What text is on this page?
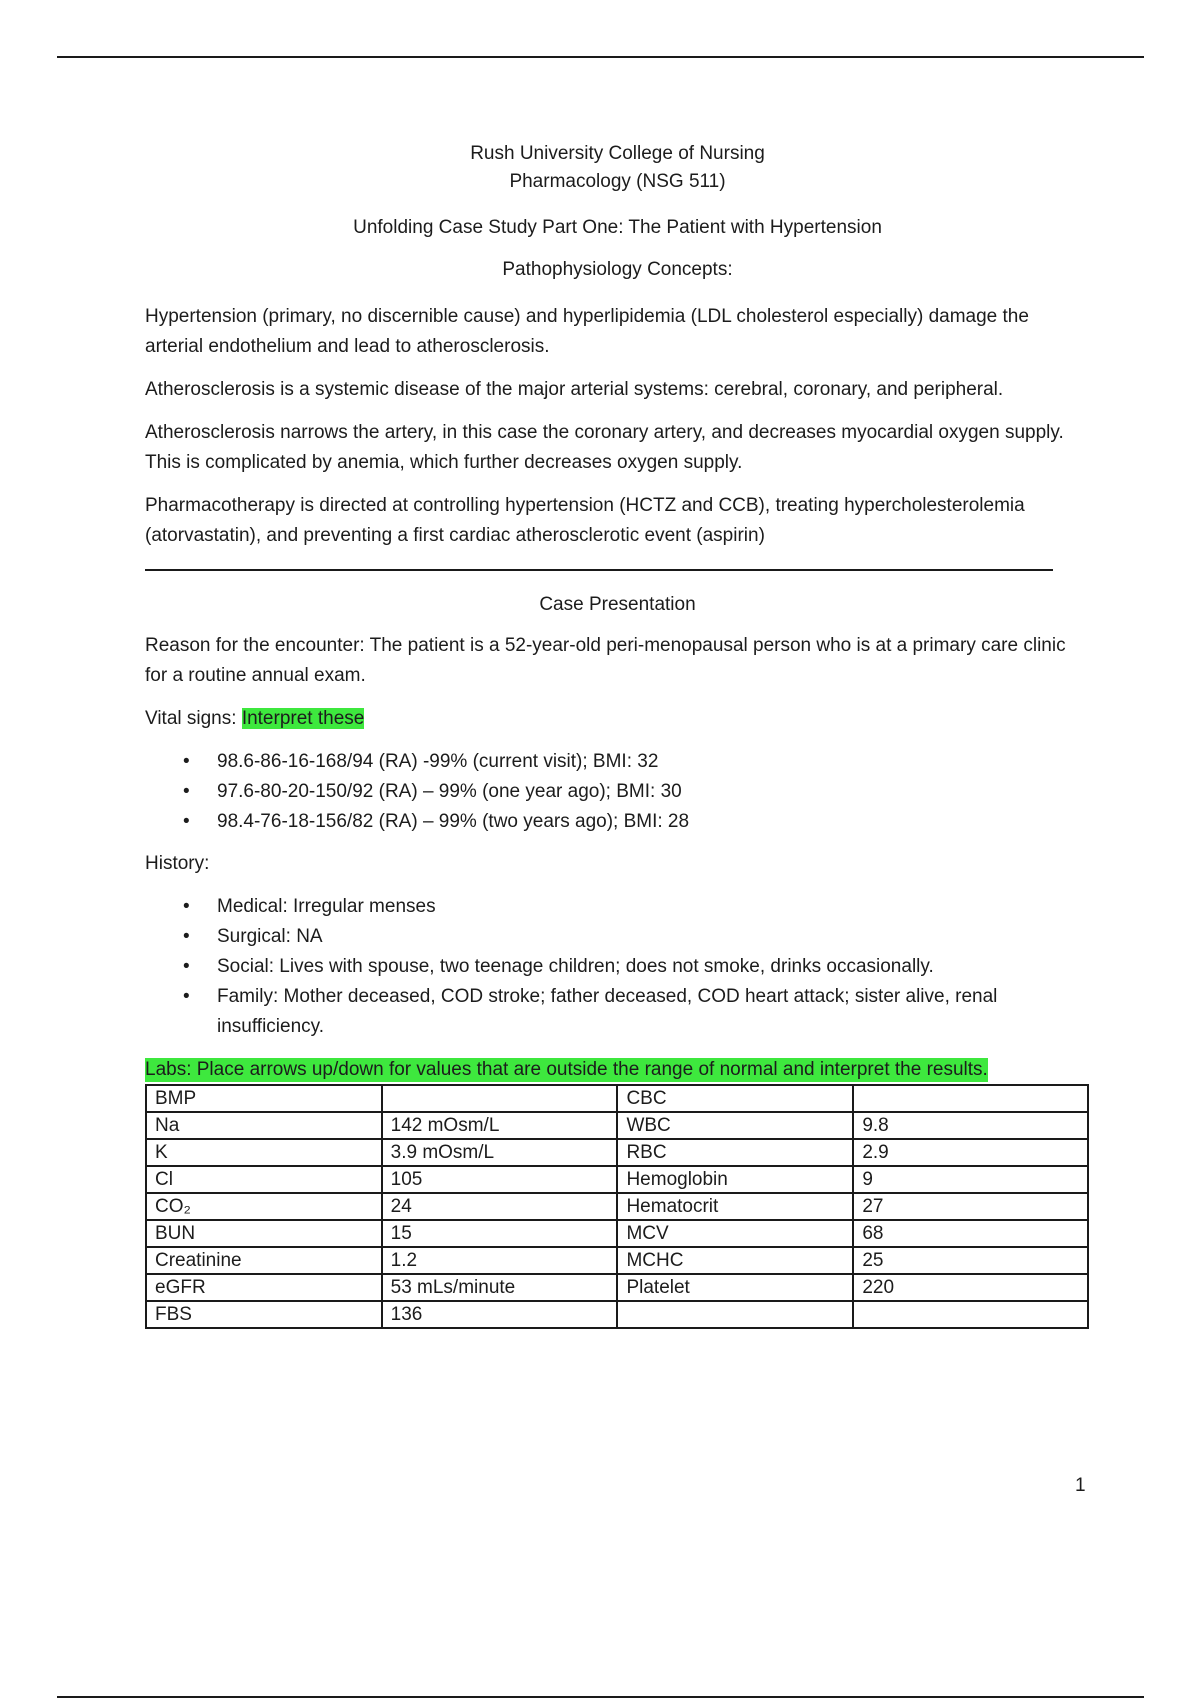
Rush University College of Nursing

Pharmacology (NSG 511)

Unfolding Case Study Part One: The Patient with Hypertension

Pathophysiology Concepts:

Hypertension (primary, no discernible cause) and hyperlipidemia (LDL cholesterol especially) damage the arterial endothelium and lead to atherosclerosis.

Atherosclerosis is a systemic disease of the major arterial systems: cerebral, coronary, and peripheral.

Atherosclerosis narrows the artery, in this case the coronary artery, and decreases myocardial oxygen supply. This is complicated by anemia, which further decreases oxygen supply.

Pharmacotherapy is directed at controlling hypertension (HCTZ and CCB), treating hypercholesterolemia (atorvastatin), and preventing a first cardiac atherosclerotic event (aspirin)

Case Presentation

Reason for the encounter: The patient is a 52-year-old peri-menopausal person who is at a primary care clinic for a routine annual exam.

Vital signs: Interpret these

• 98.6-86-16-168/94 (RA) -99% (current visit); BMI: 32
• 97.6-80-20-150/92 (RA) – 99% (one year ago); BMI: 30
• 98.4-76-18-156/82 (RA) – 99% (two years ago); BMI: 28

History:

• Medical: Irregular menses
• Surgical: NA
• Social: Lives with spouse, two teenage children; does not smoke, drinks occasionally.
• Family: Mother deceased, COD stroke; father deceased, COD heart attack; sister alive, renal insufficiency.
Labs: Place arrows up/down for values that are outside the range of normal and interpret the results.
BMP		CBC	
Na	142 mOsm/L	WBC	9.8
K	3.9 mOsm/L	RBC	2.9
Cl	105	Hemoglobin	9
CO₂	24	Hematocrit	27
BUN	15	MCV	68
Creatinine	1.2	MCHC	25
eGFR	53 mLs/minute	Platelet	220
FBS	136		
1
